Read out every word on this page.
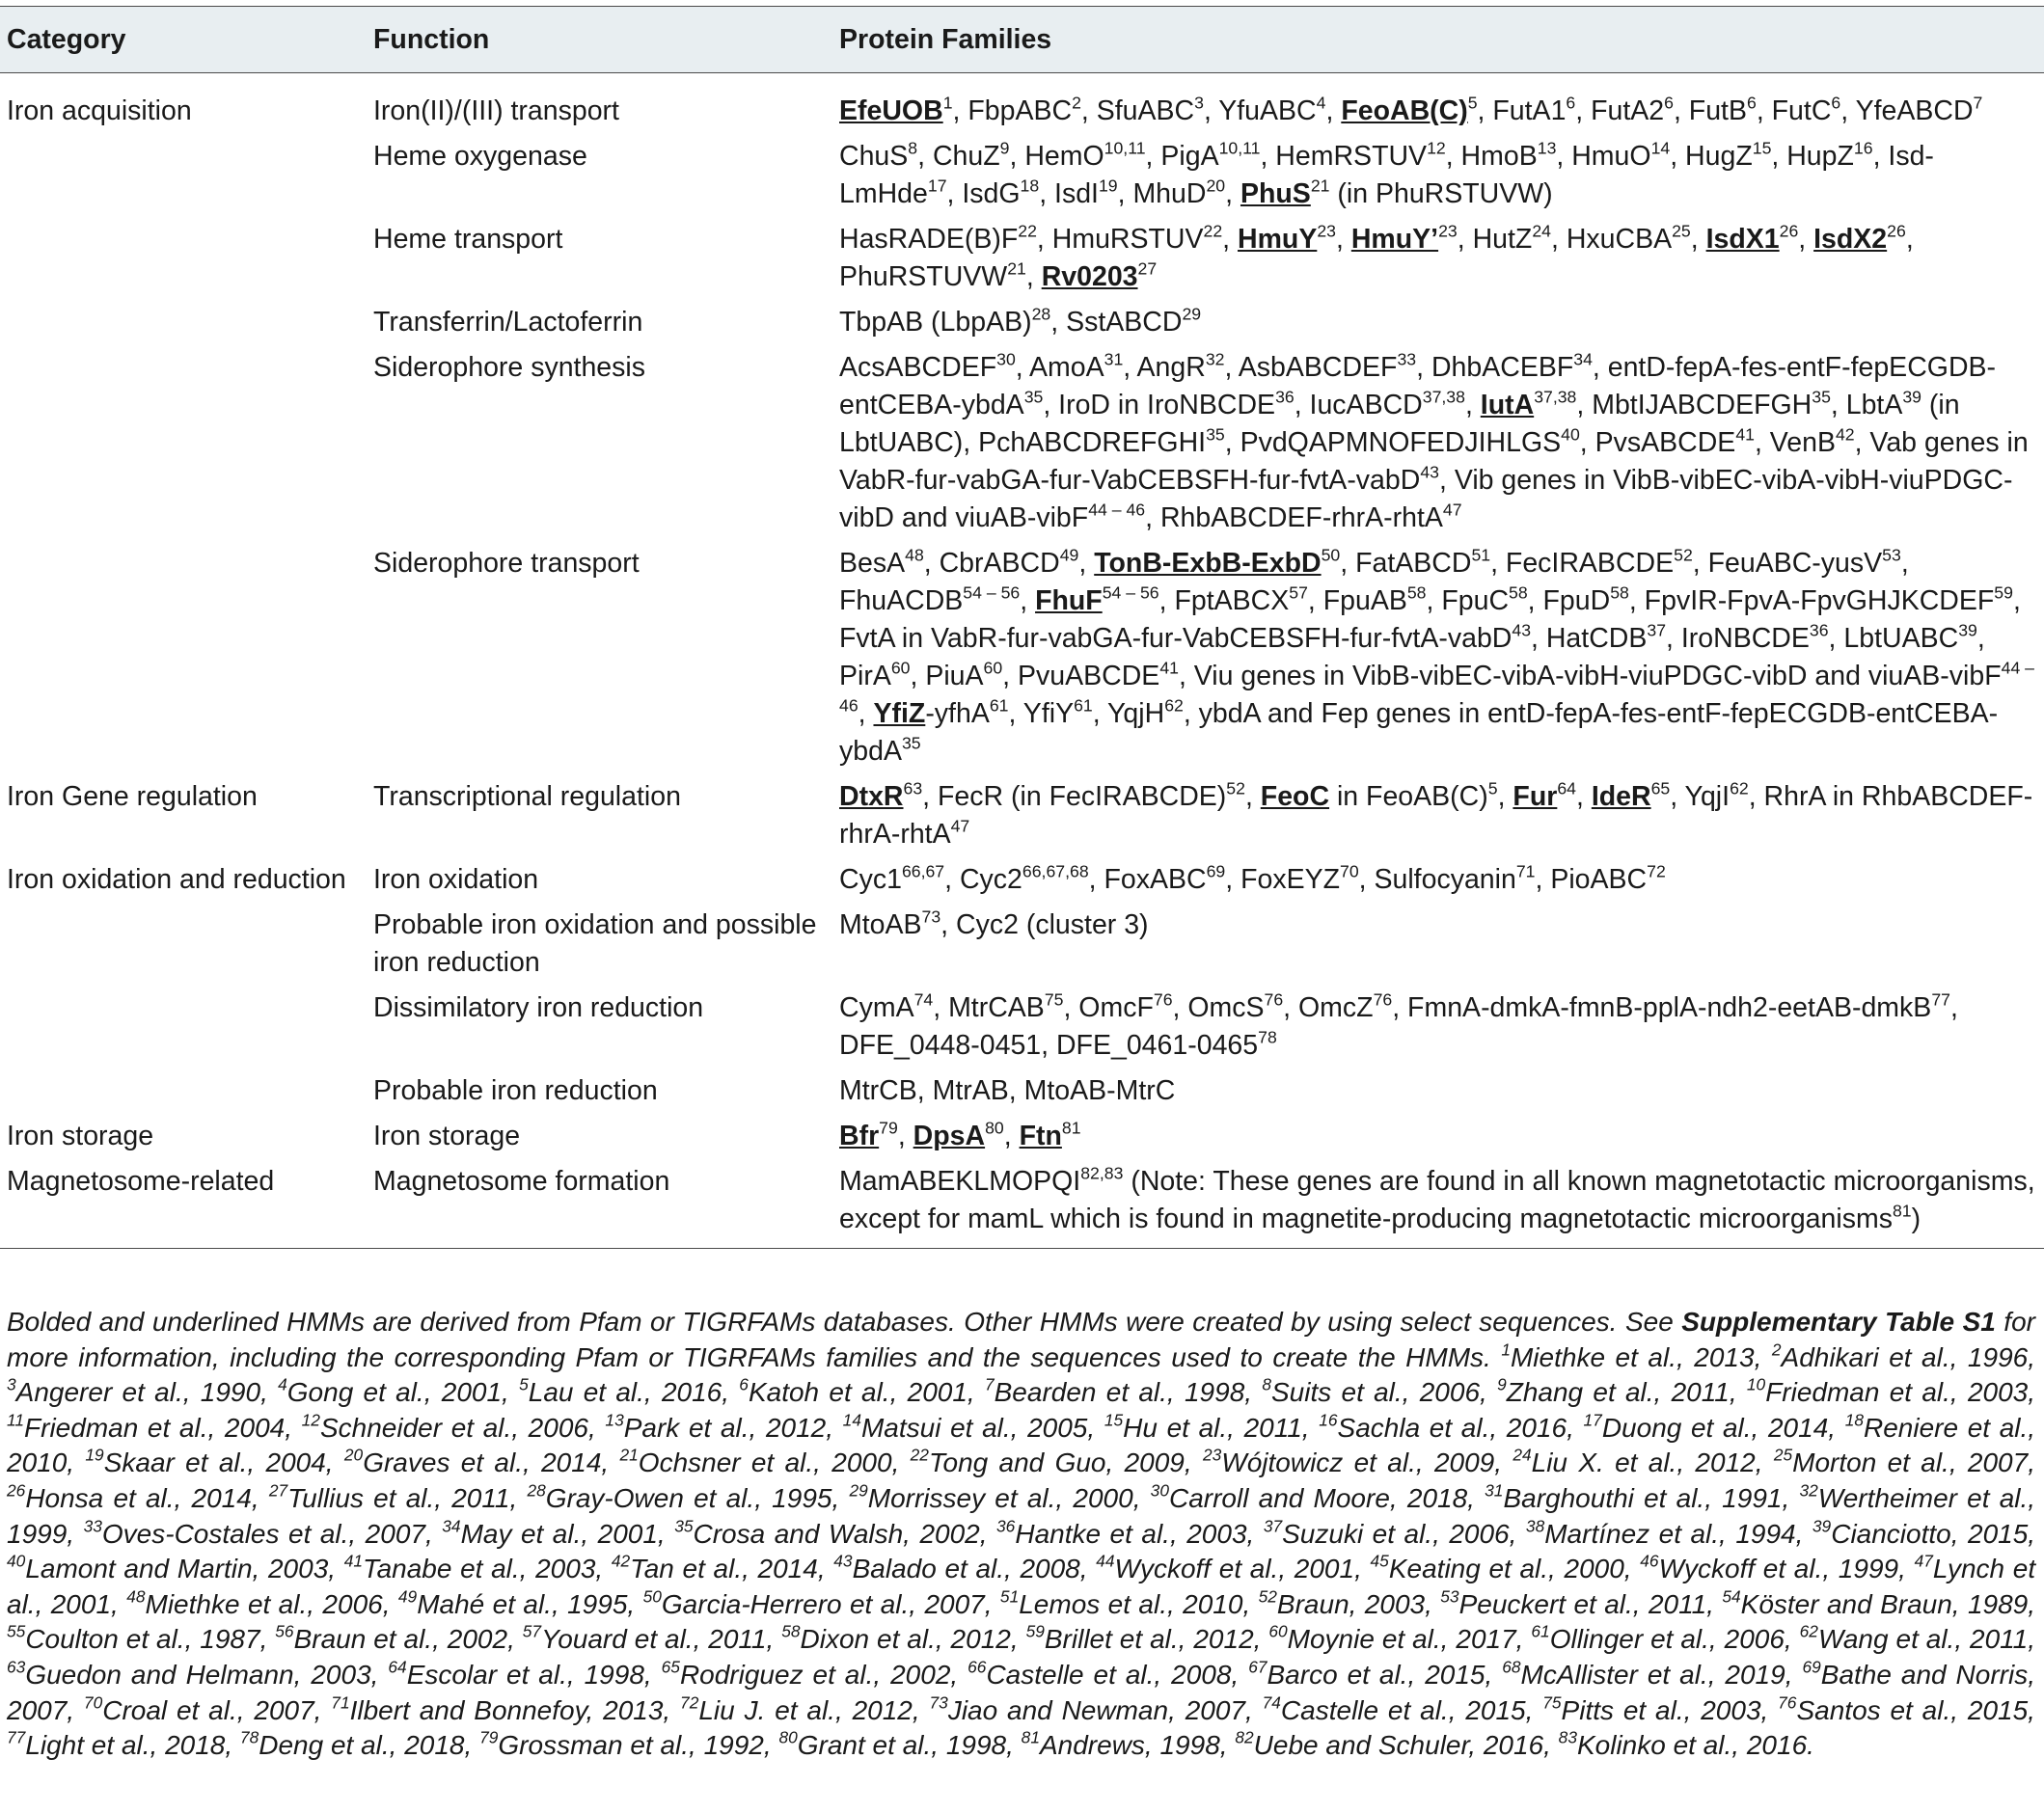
Category	Function	Protein Families
Iron acquisition	Iron(II)/(III) transport	EfeUOB$^1$, FbpABC$^2$, SfuABC$^3$, YfuABC$^4$, $FeoAB(C)^5$, $FutA1^6$, $FutA2^6$, FutB$^6$, FutC$^6$, YfeABCD$^7$
	Heme oxygenase	ChuS$^8$, ChuZ$^9$, HemO$^{10,11}$, PigA$^{10,11}$, HemRSTUV$^{12}$, HmoB$^{13}$, HmuO$^{14}$, HugZ$^{15}$, HupZ$^{16}$, Isd-LmHde$^{17}$, IsdG$^{18}$, IsdI$^{19}$, MhuD$^{20}$, PhuS$^{21}$ (in PhuRSTUVW)
	Heme transport	$HasRADE(B)F^{22}$, HmuRSTUV$^{22}$, HmuY$^{23}$, HmuY’$^{23}$, HutZ$^{24}$, HxuCBA$^{25}$, $IsdX1^{26}$, $IsdX2^{26}$, PhuRSTUVW$^{21}$, Rv0203$^{27}$
	Transferrin/Lactoferrin	TbpAB (LbpAB)$^{28}$, SstABCD$^{29}$
	Siderophore synthesis	AcsABCDEF$^{30}$, AmoA$^{31}$, AngR$^{32}$, AsbABCDEF$^{33}$, DhbACEBF$^{34}$, entD-fepA-fes-entF-fepECGDB-entCEBA-ybdA$^{35}$, IroD in IroNBCDE$^{36}$, IucABCD$^{37,38}$, IutA$^{37,38}$, MbtIJABCDEFGH$^{35}$, LbtA$^{39}$ (in LbtUABC), PchABCDREFGHI$^{35}$, PvdQAPMNOFEDJIHLGS$^{40}$, PvsABCDE$^{41}$, VenB$^{42}$, Vab genes in VabR-fur-vabGA-fur-VabCEBSFH-fur-fvtA-vabD$^{43}$, Vib genes in VibB-vibEC-vibA-vibH-viuPDGC-vibD and viuAB-vibF$^{44 - 46}$, RhbABCDEF-rhrA-rhtA$^{47}$
	Siderophore transport	BesA$^{48}$, CbrABCD$^{49}$, TonB-ExbB-ExbD$^{50}$, FatABCD$^{51}$, FecIRABCDE$^{52}$, FeuABC-yusV$^{53}$, FhuACDB$^{54 - 56}$, FhuF$^{54 - 56}$, FptABCX$^{57}$, FpuAB$^{58}$, FpuC$^{58}$, FpuD$^{58}$, FpvIR-FpvA-FpvGHJKCDEF$^{59}$, FvtA in VabR-fur-vabGA-fur-VabCEBSFH-fur-fvtA-vabD$^{43}$, HatCDB$^{37}$, IroNBCDE$^{36}$, LbtUABC$^{39}$, PirA$^{60}$, PiuA$^{60}$, PvuABCDE$^{41}$, Viu genes in VibB-vibEC-vibA-vibH-viuPDGC-vibD and viuAB-vibF$^{44 - 46}$, YfiZ-yfhA$^{61}$, YfiY$^{61}$, YqjH$^{62}$, ybdA and Fep genes in entD-fepA-fes-entF-fepECGDB-entCEBA-ybdA$^{35}$
Iron Gene regulation	Transcriptional regulation	DtxR$^{63}$, FecR (in FecIRABCDE)$^{52}$, FeoC in $FeoAB(C)^5$, Fur$^{64}$, IdeR$^{65}$, YqjI$^{62}$, RhrA in RhbABCDEF-rhrA-rhtA$^{47}$
Iron oxidation and reduction	Iron oxidation	Cyc1$^{66,67}$, Cyc2$^{66,67,68}$, FoxABC$^{69}$, FoxEYZ$^{70}$, Sulfocyanin$^{71}$, PioABC$^{72}$
	Probable iron oxidation and possible iron reduction	MtoAB$^{73}$, Cyc2 (cluster 3)
	Dissimilatory iron reduction	CymA$^{74}$, MtrCAB$^{75}$, OmcF$^{76}$, OmcS$^{76}$, OmcZ$^{76}$, FmnA-dmkA-fmnB-pplA-ndh2-eetAB-dmkB$^{77}$, DFE_0448-0451, DFE_0461-0465$^{78}$
	Probable iron reduction	MtrCB, MtrAB, MtoAB-MtrC
Iron storage	Iron storage	Bfr$^{79}$, DpsA$^{80}$, Ftn$^{81}$
Magnetosome-related	Magnetosome formation	MamABEKLMOPQI$^{82,83}$ (Note: These genes are found in all known magnetotactic microorganisms, except for mamL which is found in magnetite-producing magnetotactic microorganisms$^{81}$)
Bolded and underlined HMMs are derived from Pfam or TIGRFAMs databases. Other HMMs were created by using select sequences. See Supplementary Table S1 for more information, including the corresponding Pfam or TIGRFAMs families and the sequences used to create the HMMs. $^1$Miethke et al., 2013, $^2$Adhikari et al., 1996, $^3$Angerer et al., 1990, $^4$Gong et al., 2001, $^5$Lau et al., 2016, $^6$Katoh et al., 2001, $^7$Bearden et al., 1998, $^8$Suits et al., 2006, $^9$Zhang et al., 2011, $^{10}$Friedman et al., 2003, $^{11}$Friedman et al., 2004, $^{12}$Schneider et al., 2006, $^{13}$Park et al., 2012, $^{14}$Matsui et al., 2005, $^{15}$Hu et al., 2011, $^{16}$Sachla et al., 2016, $^{17}$Duong et al., 2014, $^{18}$Reniere et al., 2010, $^{19}$Skaar et al., 2004, $^{20}$Graves et al., 2014, $^{21}$Ochsner et al., 2000, $^{22}$Tong and Guo, 2009, $^{23}$Wójtowicz et al., 2009, $^{24}$Liu X. et al., 2012, $^{25}$Morton et al., 2007, $^{26}$Honsa et al., 2014, $^{27}$Tullius et al., 2011, $^{28}$Gray-Owen et al., 1995, $^{29}$Morrissey et al., 2000, $^{30}$Carroll and Moore, 2018, $^{31}$Barghouthi et al., 1991, $^{32}$Wertheimer et al., 1999, $^{33}$Oves-Costales et al., 2007, $^{34}$May et al., 2001, $^{35}$Crosa and Walsh, 2002, $^{36}$Hantke et al., 2003, $^{37}$Suzuki et al., 2006, $^{38}$Martínez et al., 1994, $^{39}$Cianciotto, 2015, $^{40}$Lamont and Martin, 2003, $^{41}$Tanabe et al., 2003, $^{42}$Tan et al., 2014, $^{43}$Balado et al., 2008, $^{44}$Wyckoff et al., 2001, $^{45}$Keating et al., 2000, $^{46}$Wyckoff et al., 1999, $^{47}$Lynch et al., 2001, $^{48}$Miethke et al., 2006, $^{49}$Mahé et al., 1995, $^{50}$Garcia-Herrero et al., 2007, $^{51}$Lemos et al., 2010, $^{52}$Braun, 2003, $^{53}$Peuckert et al., 2011, $^{54}$Köster and Braun, 1989, $^{55}$Coulton et al., 1987, $^{56}$Braun et al., 2002, $^{57}$Youard et al., 2011, $^{58}$Dixon et al., 2012, $^{59}$Brillet et al., 2012, $^{60}$Moynie et al., 2017, $^{61}$Ollinger et al., 2006, $^{62}$Wang et al., 2011, $^{63}$Guedon and Helmann, 2003, $^{64}$Escolar et al., 1998, $^{65}$Rodriguez et al., 2002, $^{66}$Castelle et al., 2008, $^{67}$Barco et al., 2015, $^{68}$McAllister et al., 2019, $^{69}$Bathe and Norris, 2007, $^{70}$Croal et al., 2007, $^{71}$Ilbert and Bonnefoy, 2013, $^{72}$Liu J. et al., 2012, $^{73}$Jiao and Newman, 2007, $^{74}$Castelle et al., 2015, $^{75}$Pitts et al., 2003, $^{76}$Santos et al., 2015, $^{77}$Light et al., 2018, $^{78}$Deng et al., 2018, $^{79}$Grossman et al., 1992, $^{80}$Grant et al., 1998, $^{81}$Andrews, 1998, $^{82}$Uebe and Schuler, 2016, $^{83}$Kolinko et al., 2016.
